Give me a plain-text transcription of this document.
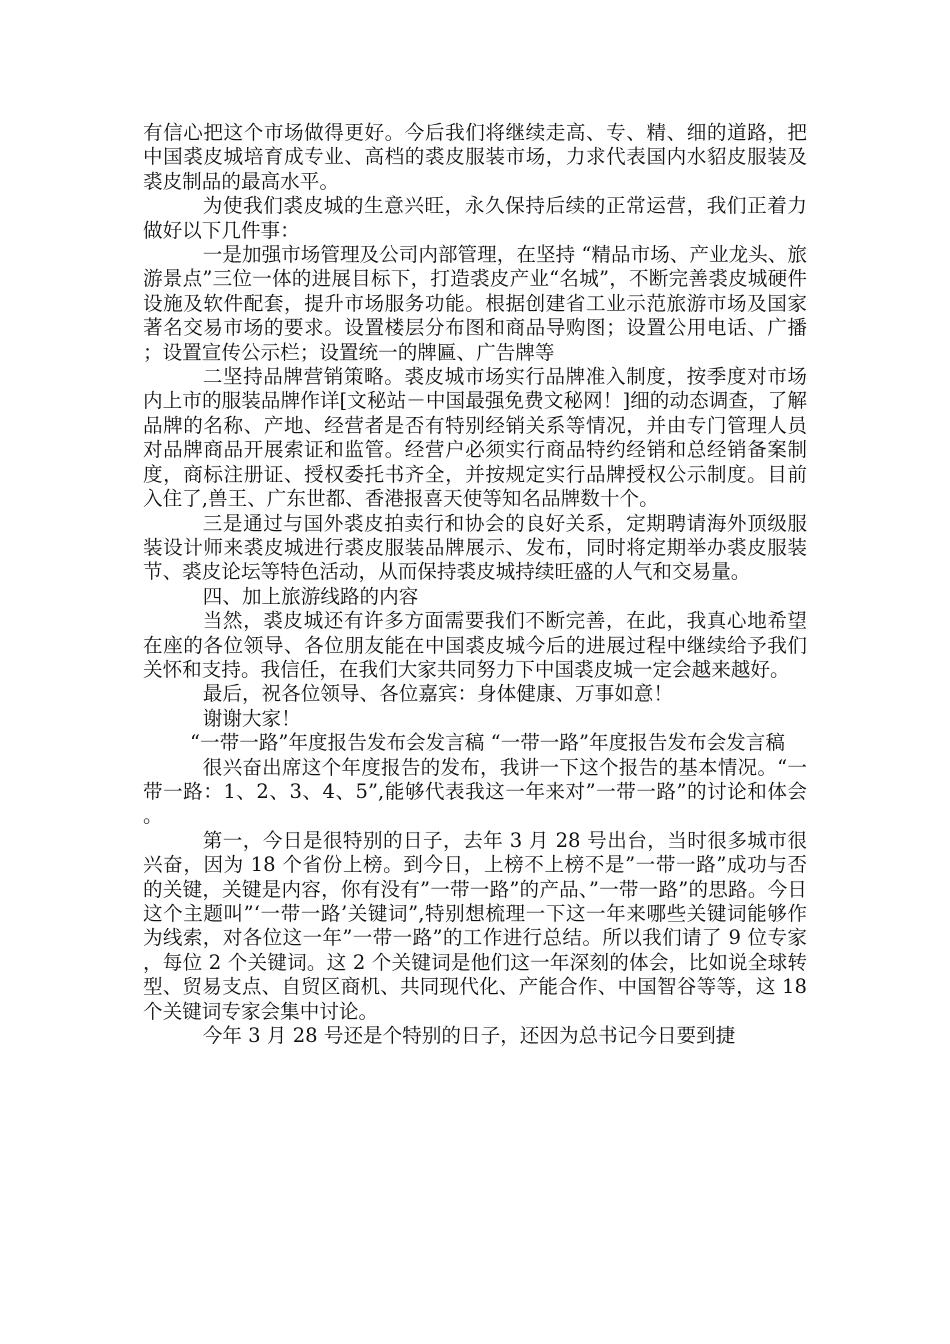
有信心把这个市场做得更好。今后我们将继续走高、专、精、细的道路，把中国裘皮城培育成专业、高档的裘皮服装市场，力求代表国内水貂皮服装及裘皮制品的最高水平。

为使我们裘皮城的生意兴旺，永久保持后续的正常运营，我们正着力做好以下几件事：

一是加强市场管理及公司内部管理，在坚持 “精品市场、产业龙头、旅游景点”三位一体的进展目标下，打造裘皮产业“名城”，不断完善裘皮城硬件设施及软件配套，提升市场服务功能。根据创建省工业示范旅游市场及国家著名交易市场的要求。设置楼层分布图和商品导购图；设置公用电话、广播；设置宣传公示栏；设置统一的牌匾、广告牌等

二坚持品牌营销策略。裘皮城市场实行品牌准入制度，按季度对市场内上市的服装品牌作详[文秘站－中国最强免费文秘网！]细的动态调查，了解品牌的名称、产地、经营者是否有特别经销关系等情况，并由专门管理人员对品牌商品开展索证和监管。经营户必须实行商品特约经销和总经销备案制度，商标注册证、授权委托书齐全，并按规定实行品牌授权公示制度。目前入住了,兽王、广东世都、香港报喜天使等知名品牌数十个。

三是通过与国外裘皮拍卖行和协会的良好关系，定期聘请海外顶级服装设计师来裘皮城进行裘皮服装品牌展示、发布，同时将定期举办裘皮服装节、裘皮论坛等特色活动，从而保持裘皮城持续旺盛的人气和交易量。

四、加上旅游线路的内容

当然，裘皮城还有许多方面需要我们不断完善，在此，我真心地希望在座的各位领导、各位朋友能在中国裘皮城今后的进展过程中继续给予我们关怀和支持。我信任，在我们大家共同努力下中国裘皮城一定会越来越好。

最后，祝各位领导、各位嘉宾：身体健康、万事如意！

谢谢大家！

“一带一路”年度报告发布会发言稿 “一带一路”年度报告发布会发言稿

很兴奋出席这个年度报告的发布，我讲一下这个报告的基本情况。“一带一路：1、2、3、4、5”,能够代表我这一年来对”一带一路”的讨论和体会。

第一，今日是很特别的日子，去年 3 月 28 号出台，当时很多城市很兴奋，因为 18 个省份上榜。到今日，上榜不上榜不是”一带一路”成功与否的关键，关键是内容，你有没有”一带一路”的产品、”一带一路”的思路。今日这个主题叫”‘一带一路’关键词”,特别想梳理一下这一年来哪些关键词能够作为线索，对各位这一年”一带一路”的工作进行总结。所以我们请了 9 位专家，每位 2 个关键词。这 2 个关键词是他们这一年深刻的体会，比如说全球转型、贸易支点、自贸区商机、共同现代化、产能合作、中国智谷等等，这 18 个关键词专家会集中讨论。

今年 3 月 28 号还是个特别的日子，还因为总书记今日要到捷
